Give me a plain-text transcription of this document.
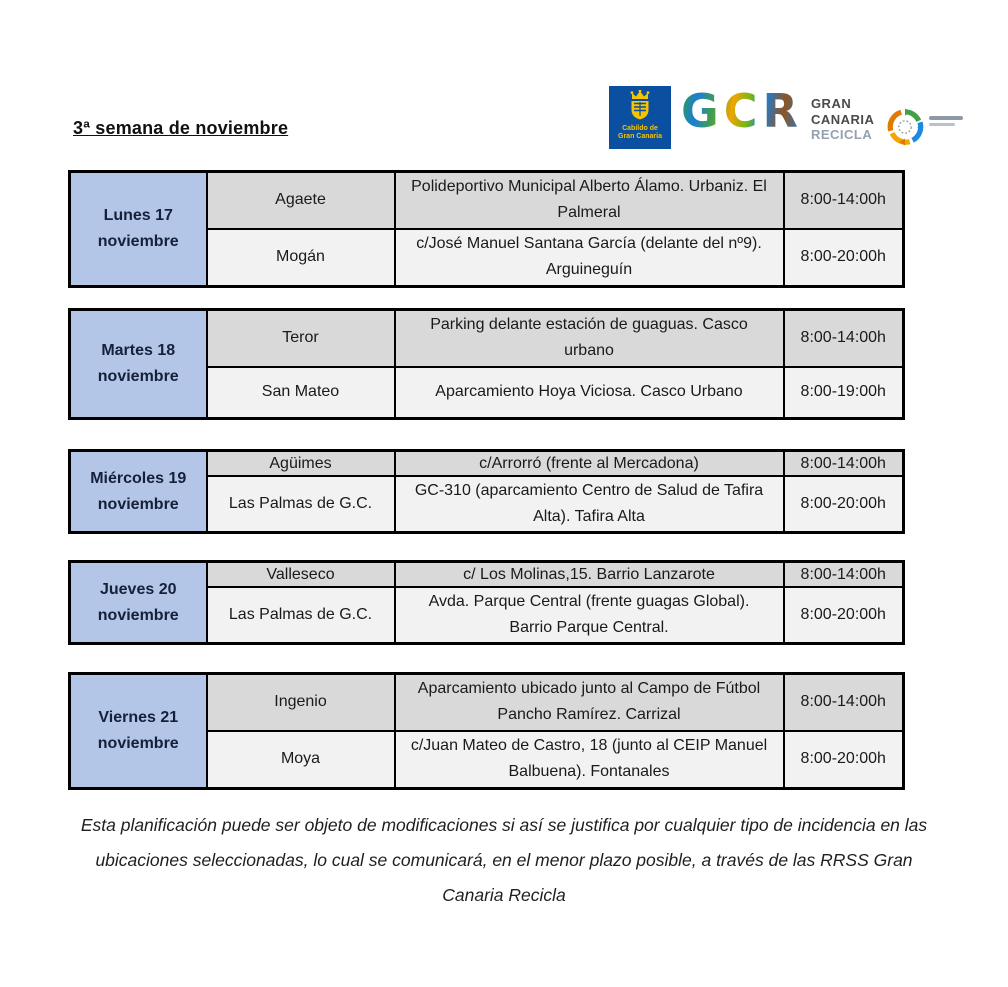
3ª semana de noviembre	Cabildo de
Gran Canaria GCR GRAN
CANARIA
RECICLA
Lunes 17
noviembre	Agaete	Polideportivo Municipal Alberto Álamo. Urbaniz. El Palmeral	8:00-14:00h
	Mogán	c/José Manuel Santana García (delante del nº9). Arguineguín	8:00-20:00h
Martes 18
noviembre	Teror	Parking delante estación de guaguas. Casco urbano	8:00-14:00h
	San Mateo	Aparcamiento Hoya Viciosa. Casco Urbano	8:00-19:00h
Miércoles 19
noviembre	Agüimes	c/Arrorró (frente al Mercadona)	8:00-14:00h
	Las Palmas de G.C.	GC-310 (aparcamiento Centro de Salud de Tafira Alta). Tafira Alta	8:00-20:00h
Jueves 20
noviembre	Valleseco	c/ Los Molinas,15. Barrio Lanzarote	8:00-14:00h
	Las Palmas de G.C.	Avda. Parque Central (frente guagas Global). Barrio Parque Central.	8:00-20:00h
Viernes 21
noviembre	Ingenio	Aparcamiento ubicado junto al Campo de Fútbol Pancho Ramírez. Carrizal	8:00-14:00h
	Moya	c/Juan Mateo de Castro, 18 (junto al CEIP Manuel Balbuena). Fontanales	8:00-20:00h
Esta planificación puede ser objeto de modificaciones si así se justifica por cualquier tipo de incidencia en las ubicaciones seleccionadas, lo cual se comunicará, en el menor plazo posible, a través de las RRSS Gran Canaria Recicla
